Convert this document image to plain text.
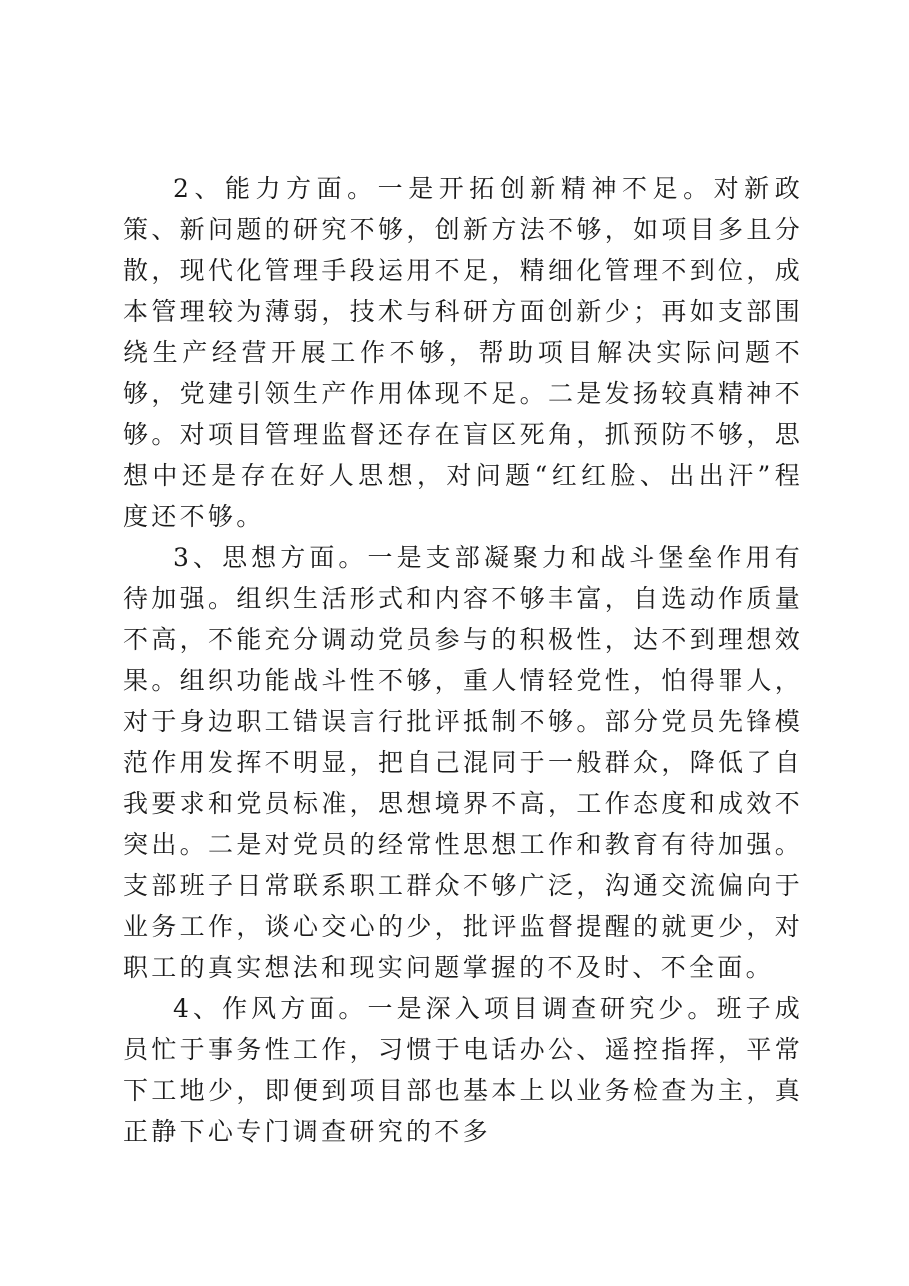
2、能力方面。一是开拓创新精神不足。对新政策、新问题的研究不够，创新方法不够，如项目多且分散，现代化管理手段运用不足，精细化管理不到位，成本管理较为薄弱，技术与科研方面创新少；再如支部围绕生产经营开展工作不够，帮助项目解决实际问题不够，党建引领生产作用体现不足。二是发扬较真精神不够。对项目管理监督还存在盲区死角，抓预防不够，思想中还是存在好人思想，对问题“红红脸、出出汗”程度还不够。

3、思想方面。一是支部凝聚力和战斗堡垒作用有待加强。组织生活形式和内容不够丰富，自选动作质量不高，不能充分调动党员参与的积极性，达不到理想效果。组织功能战斗性不够，重人情轻党性，怕得罪人，对于身边职工错误言行批评抵制不够。部分党员先锋模范作用发挥不明显，把自己混同于一般群众，降低了自我要求和党员标准，思想境界不高，工作态度和成效不突出。二是对党员的经常性思想工作和教育有待加强。支部班子日常联系职工群众不够广泛，沟通交流偏向于业务工作，谈心交心的少，批评监督提醒的就更少，对职工的真实想法和现实问题掌握的不及时、不全面。

4、作风方面。一是深入项目调查研究少。班子成员忙于事务性工作，习惯于电话办公、遥控指挥，平常下工地少，即便到项目部也基本上以业务检查为主，真正静下心专门调查研究的不多
